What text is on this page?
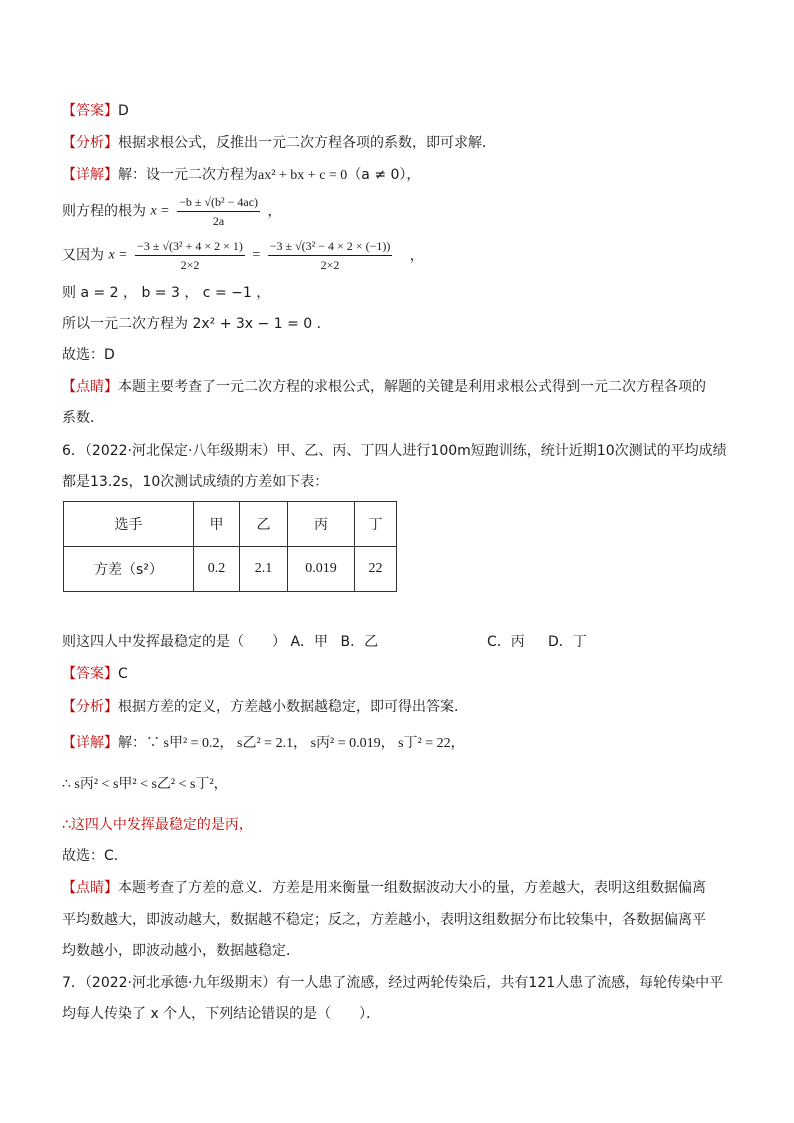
【答案】D
【分析】根据求根公式，反推出一元二次方程各项的系数，即可求解．
【详解】解：设一元二次方程为ax² + bx + c = 0（a ≠ 0），
则方程的根为 $x = \frac{\text{−b ± √(b² − 4ac)}}{2a}$ ，
又因为 $x = \frac{\text{−3 ± √(3² + 4 × 2 × 1)}}{2\times 2} = \frac{\text{−3 ± √(3² − 4 × 2 × (−1))}}{2\times 2}$ ，
则 a = 2 ， b = 3 ， c = −1 ，
所以一元二次方程为 2x² + 3x − 1 = 0 ．
故选：D
【点睛】本题主要考查了一元二次方程的求根公式，解题的关键是利用求根公式得到一元二次方程各项的
系数．
6．（2022·河北保定·八年级期末）甲、乙、丙、丁四人进行100m短跑训练，统计近期10次测试的平均成绩
都是13.2s，10次测试成绩的方差如下表：
选手	甲	乙	丙	丁
方差（s²）	0.2	2.1	0.019	22
则这四人中发挥最稳定的是（　　） A．甲 B．乙	C．丙 D．丁
【答案】C
【分析】根据方差的定义，方差越小数据越稳定，即可得出答案．
【详解】解：∵ s甲² = 0.2， s乙² = 2.1， s丙² = 0.019， s丁² = 22，
∴ s丙² < s甲² < s乙² < s丁²，
∴这四人中发挥最稳定的是丙，
故选：C．
【点睛】本题考查了方差的意义．方差是用来衡量一组数据波动大小的量，方差越大，表明这组数据偏离
平均数越大，即波动越大，数据越不稳定；反之，方差越小，表明这组数据分布比较集中，各数据偏离平
均数越小，即波动越小，数据越稳定．
7．（2022·河北承德·九年级期末）有一人患了流感，经过两轮传染后，共有121人患了流感，每轮传染中平
均每人传染了 x 个人，下列结论错误的是（　　）．
